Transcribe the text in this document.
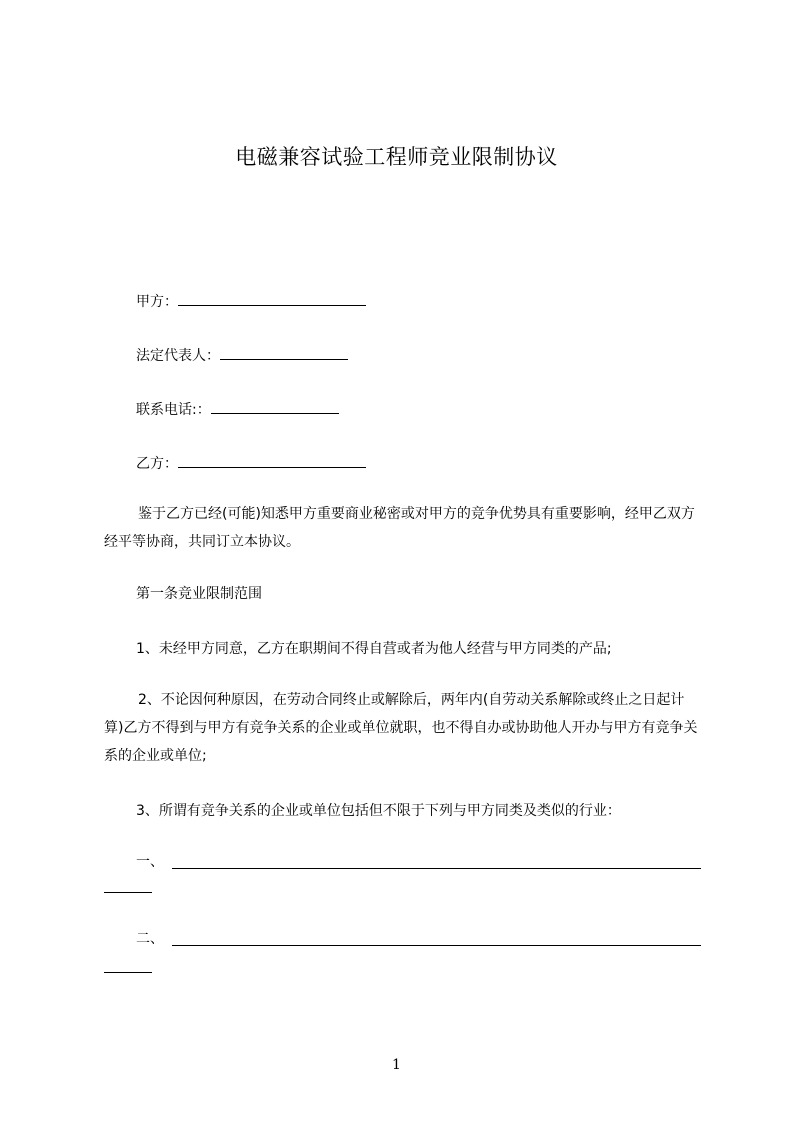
电磁兼容试验工程师竞业限制协议
甲方：
法定代表人：
联系电话:：
乙方：
鉴于乙方已经(可能)知悉甲方重要商业秘密或对甲方的竞争优势具有重要影响，经甲乙双方经平等协商，共同订立本协议。
第一条竞业限制范围
1、未经甲方同意，乙方在职期间不得自营或者为他人经营与甲方同类的产品;
2、不论因何种原因，在劳动合同终止或解除后，两年内(自劳动关系解除或终止之日起计算)乙方不得到与甲方有竞争关系的企业或单位就职，也不得自办或协助他人开办与甲方有竞争关系的企业或单位;
3、所谓有竞争关系的企业或单位包括但不限于下列与甲方同类及类似的行业：
一、
二、
1
